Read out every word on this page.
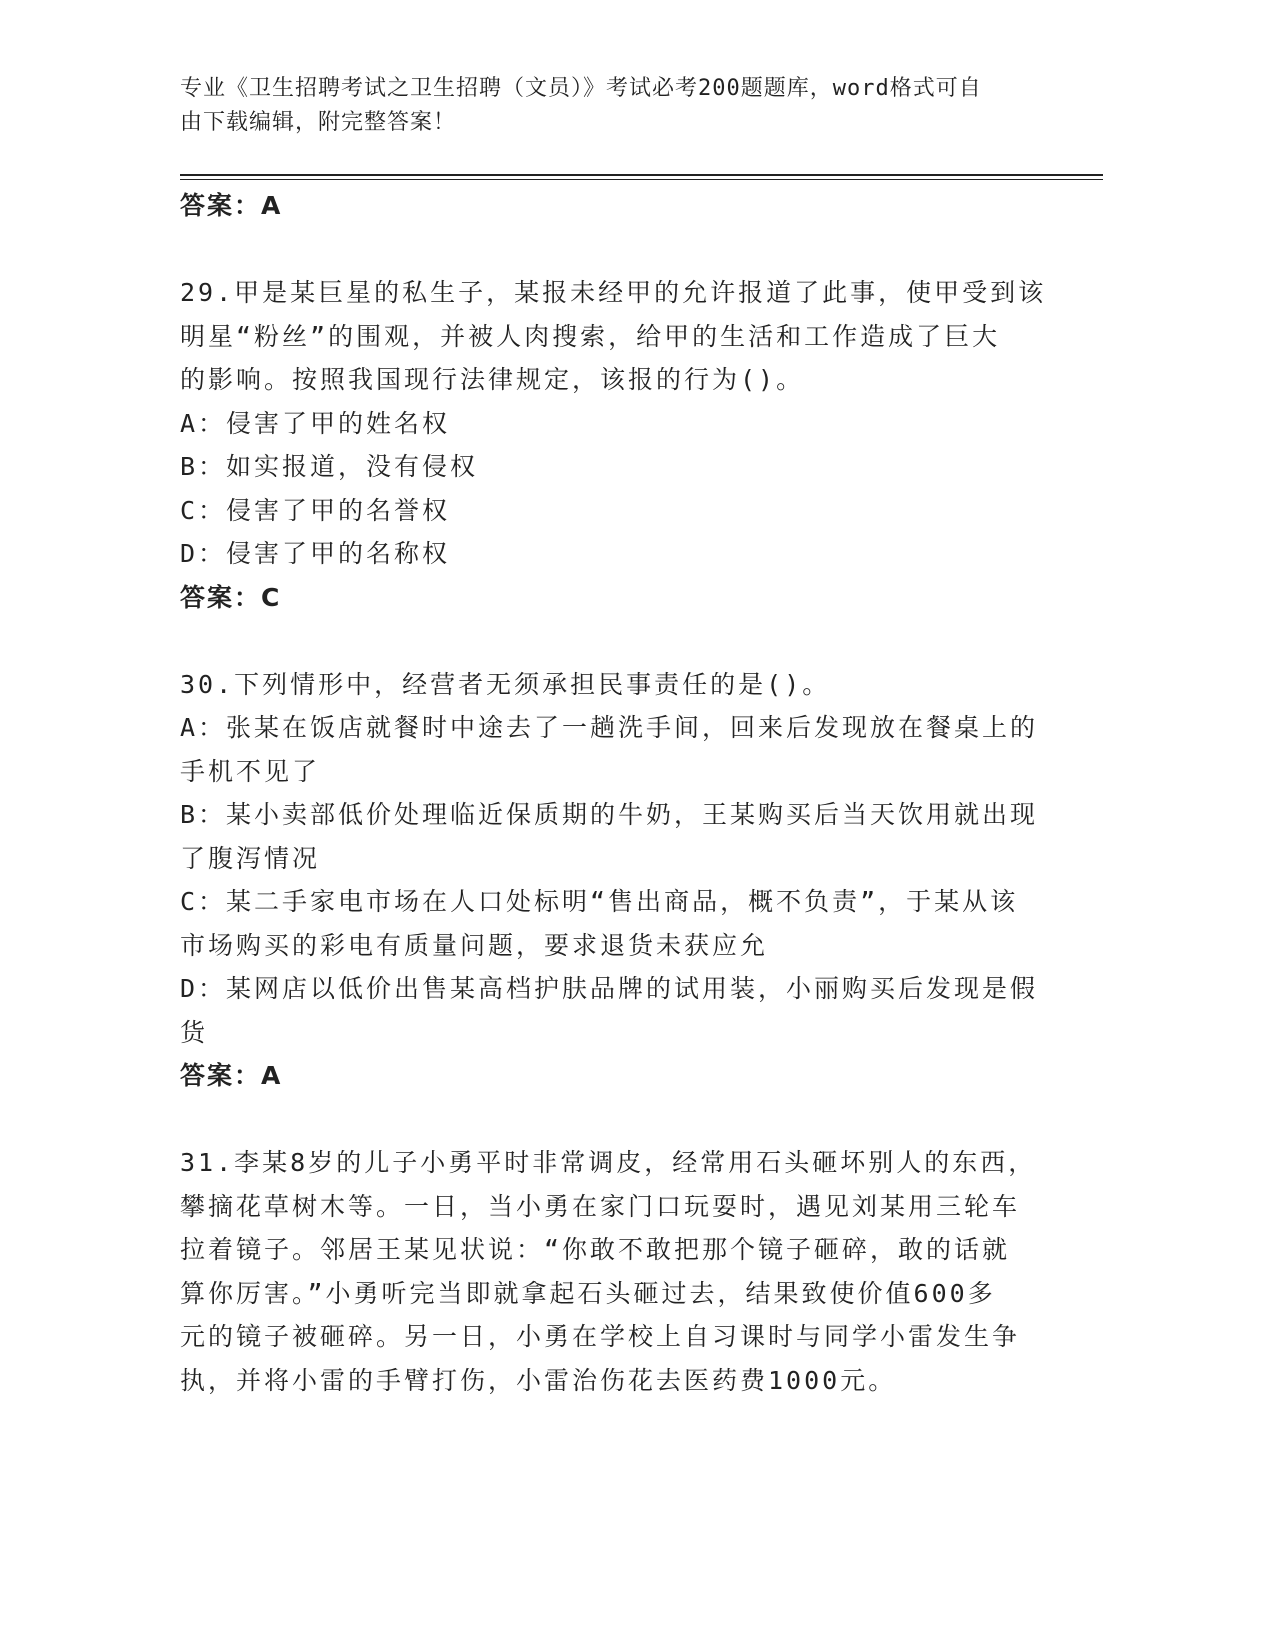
专业《卫生招聘考试之卫生招聘（文员）》考试必考200题题库，word格式可自
由下载编辑，附完整答案！
答案：A
29.甲是某巨星的私生子，某报未经甲的允许报道了此事，使甲受到该
明星“粉丝”的围观，并被人肉搜索，给甲的生活和工作造成了巨大
的影响。按照我国现行法律规定，该报的行为()。
A：侵害了甲的姓名权
B：如实报道，没有侵权
C：侵害了甲的名誉权
D：侵害了甲的名称权
答案：C
30.下列情形中，经营者无须承担民事责任的是()。
A：张某在饭店就餐时中途去了一趟洗手间，回来后发现放在餐桌上的
手机不见了
B：某小卖部低价处理临近保质期的牛奶，王某购买后当天饮用就出现
了腹泻情况
C：某二手家电市场在人口处标明“售出商品，概不负责”，于某从该
市场购买的彩电有质量问题，要求退货未获应允
D：某网店以低价出售某高档护肤品牌的试用装，小丽购买后发现是假
货
答案：A
31.李某8岁的儿子小勇平时非常调皮，经常用石头砸坏别人的东西，
攀摘花草树木等。一日，当小勇在家门口玩耍时，遇见刘某用三轮车
拉着镜子。邻居王某见状说：“你敢不敢把那个镜子砸碎，敢的话就
算你厉害。”小勇听完当即就拿起石头砸过去，结果致使价值600多
元的镜子被砸碎。另一日，小勇在学校上自习课时与同学小雷发生争
执，并将小雷的手臂打伤，小雷治伤花去医药费1000元。
